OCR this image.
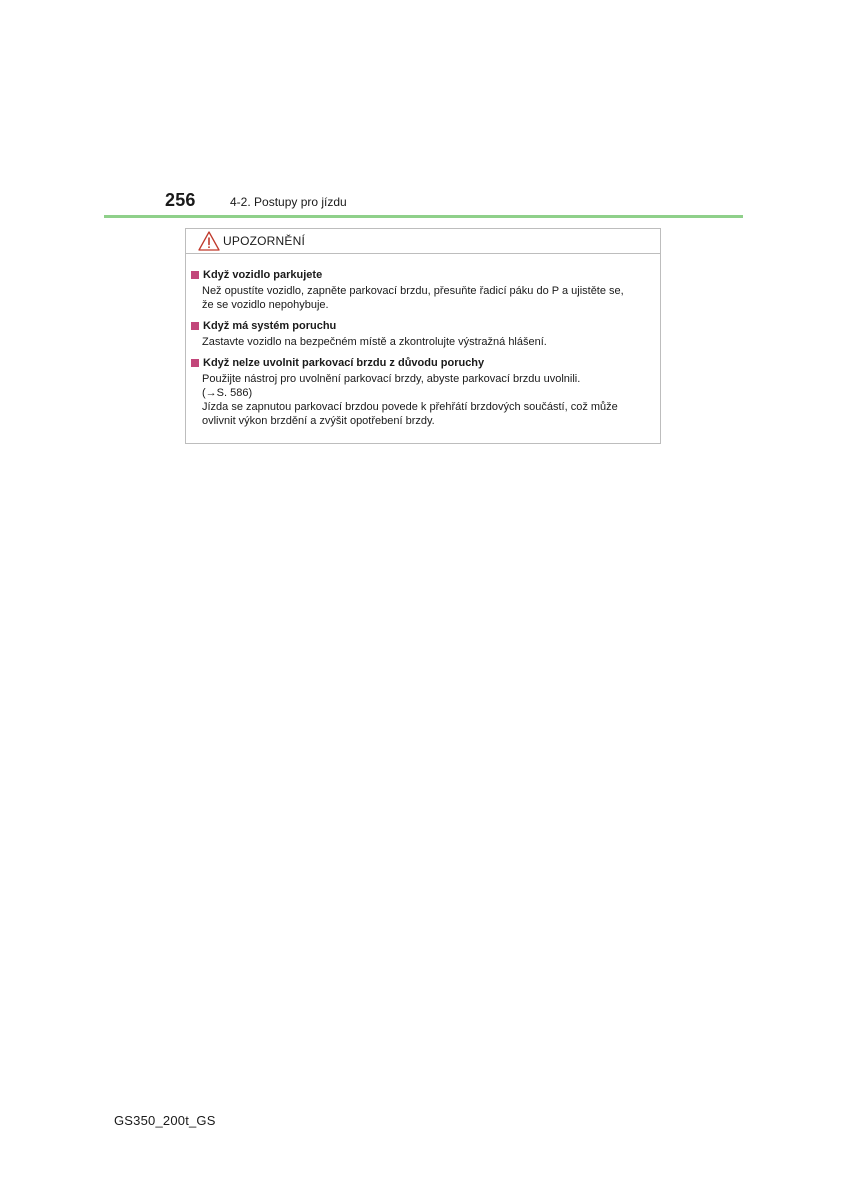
256	4-2. Postupy pro jízdu
UPOZORNĚNÍ
Když vozidlo parkujete
Než opustíte vozidlo, zapněte parkovací brzdu, přesuňte řadicí páku do P a ujistěte se,
že se vozidlo nepohybuje.
Když má systém poruchu
Zastavte vozidlo na bezpečném místě a zkontrolujte výstražná hlášení.
Když nelze uvolnit parkovací brzdu z důvodu poruchy
Použijte nástroj pro uvolnění parkovací brzdy, abyste parkovací brzdu uvolnili.
(→S. 586)
Jízda se zapnutou parkovací brzdou povede k přehřátí brzdových součástí, což může
ovlivnit výkon brzdění a zvýšit opotřebení brzdy.
GS350_200t_GS
